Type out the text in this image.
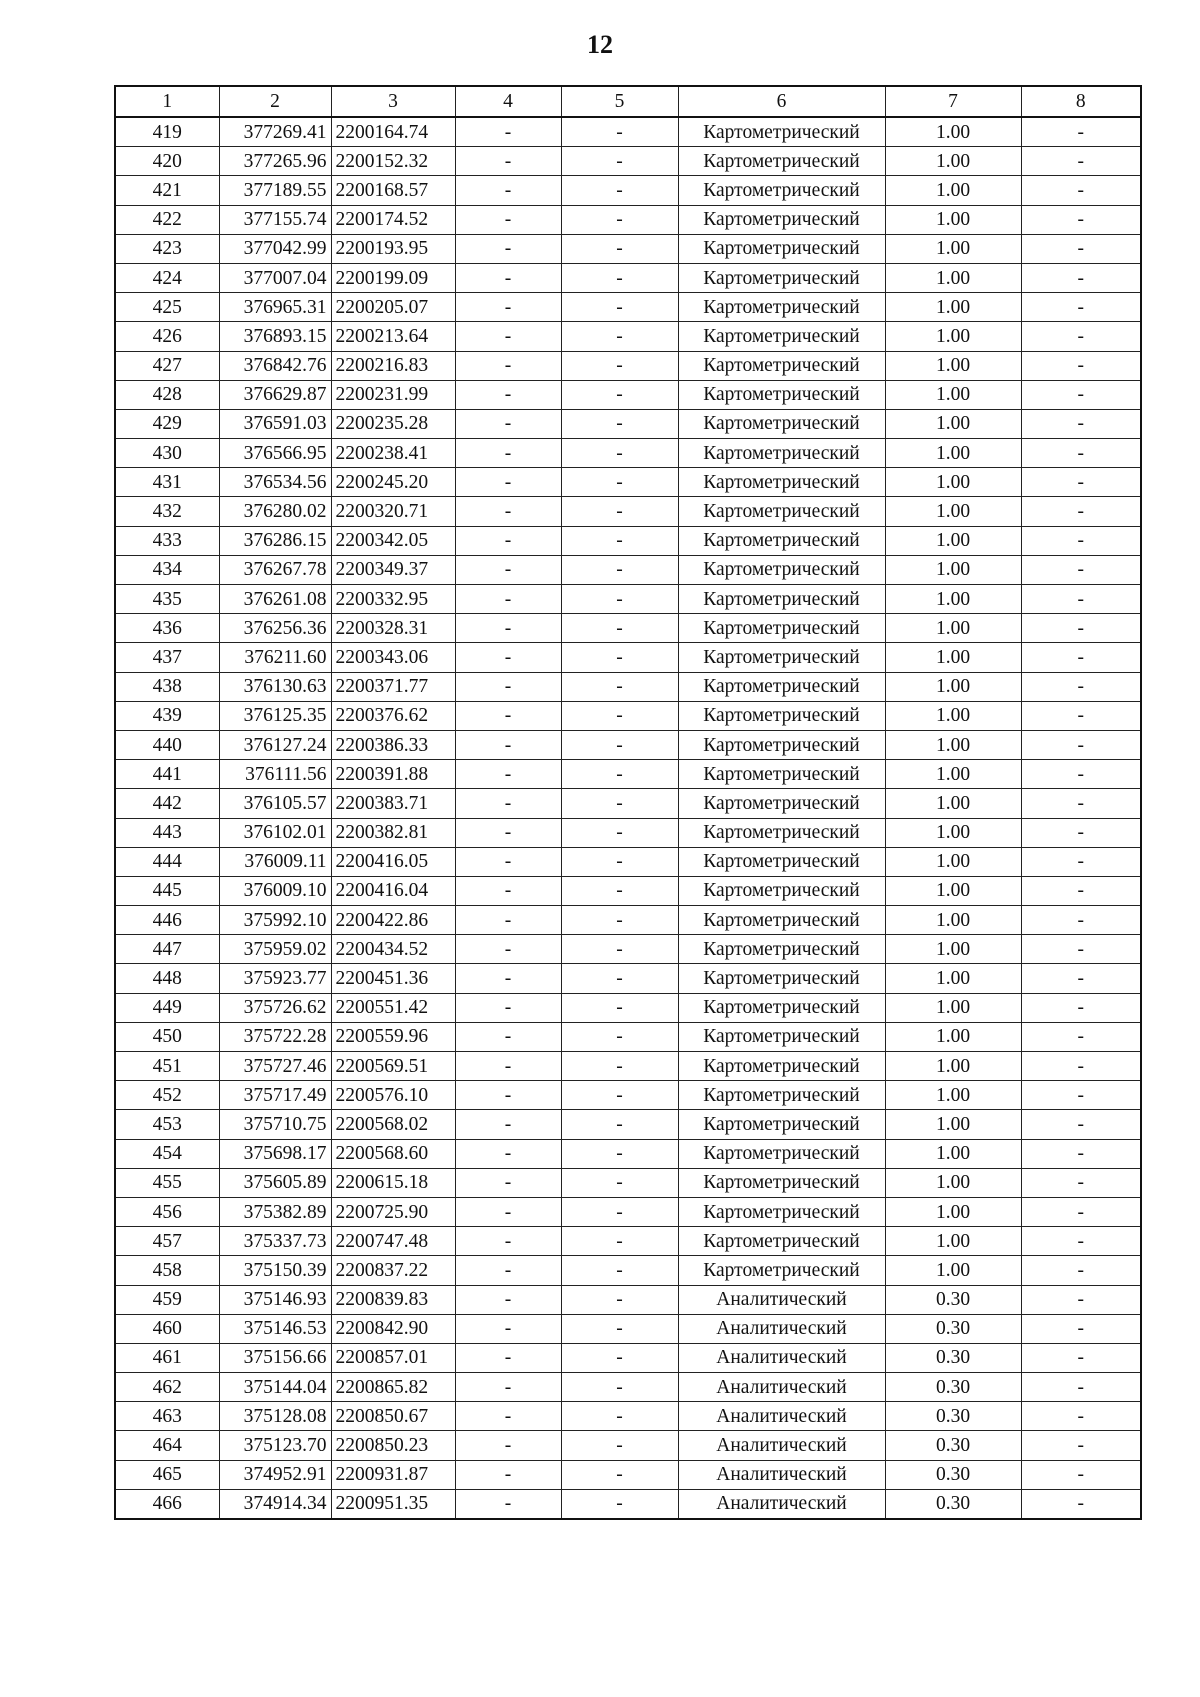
12
1	2	3	4	5	6	7	8
419	377269.41	2200164.74	-	-	Картометрический	1.00	-
420	377265.96	2200152.32	-	-	Картометрический	1.00	-
421	377189.55	2200168.57	-	-	Картометрический	1.00	-
422	377155.74	2200174.52	-	-	Картометрический	1.00	-
423	377042.99	2200193.95	-	-	Картометрический	1.00	-
424	377007.04	2200199.09	-	-	Картометрический	1.00	-
425	376965.31	2200205.07	-	-	Картометрический	1.00	-
426	376893.15	2200213.64	-	-	Картометрический	1.00	-
427	376842.76	2200216.83	-	-	Картометрический	1.00	-
428	376629.87	2200231.99	-	-	Картометрический	1.00	-
429	376591.03	2200235.28	-	-	Картометрический	1.00	-
430	376566.95	2200238.41	-	-	Картометрический	1.00	-
431	376534.56	2200245.20	-	-	Картометрический	1.00	-
432	376280.02	2200320.71	-	-	Картометрический	1.00	-
433	376286.15	2200342.05	-	-	Картометрический	1.00	-
434	376267.78	2200349.37	-	-	Картометрический	1.00	-
435	376261.08	2200332.95	-	-	Картометрический	1.00	-
436	376256.36	2200328.31	-	-	Картометрический	1.00	-
437	376211.60	2200343.06	-	-	Картометрический	1.00	-
438	376130.63	2200371.77	-	-	Картометрический	1.00	-
439	376125.35	2200376.62	-	-	Картометрический	1.00	-
440	376127.24	2200386.33	-	-	Картометрический	1.00	-
441	376111.56	2200391.88	-	-	Картометрический	1.00	-
442	376105.57	2200383.71	-	-	Картометрический	1.00	-
443	376102.01	2200382.81	-	-	Картометрический	1.00	-
444	376009.11	2200416.05	-	-	Картометрический	1.00	-
445	376009.10	2200416.04	-	-	Картометрический	1.00	-
446	375992.10	2200422.86	-	-	Картометрический	1.00	-
447	375959.02	2200434.52	-	-	Картометрический	1.00	-
448	375923.77	2200451.36	-	-	Картометрический	1.00	-
449	375726.62	2200551.42	-	-	Картометрический	1.00	-
450	375722.28	2200559.96	-	-	Картометрический	1.00	-
451	375727.46	2200569.51	-	-	Картометрический	1.00	-
452	375717.49	2200576.10	-	-	Картометрический	1.00	-
453	375710.75	2200568.02	-	-	Картометрический	1.00	-
454	375698.17	2200568.60	-	-	Картометрический	1.00	-
455	375605.89	2200615.18	-	-	Картометрический	1.00	-
456	375382.89	2200725.90	-	-	Картометрический	1.00	-
457	375337.73	2200747.48	-	-	Картометрический	1.00	-
458	375150.39	2200837.22	-	-	Картометрический	1.00	-
459	375146.93	2200839.83	-	-	Аналитический	0.30	-
460	375146.53	2200842.90	-	-	Аналитический	0.30	-
461	375156.66	2200857.01	-	-	Аналитический	0.30	-
462	375144.04	2200865.82	-	-	Аналитический	0.30	-
463	375128.08	2200850.67	-	-	Аналитический	0.30	-
464	375123.70	2200850.23	-	-	Аналитический	0.30	-
465	374952.91	2200931.87	-	-	Аналитический	0.30	-
466	374914.34	2200951.35	-	-	Аналитический	0.30	-
